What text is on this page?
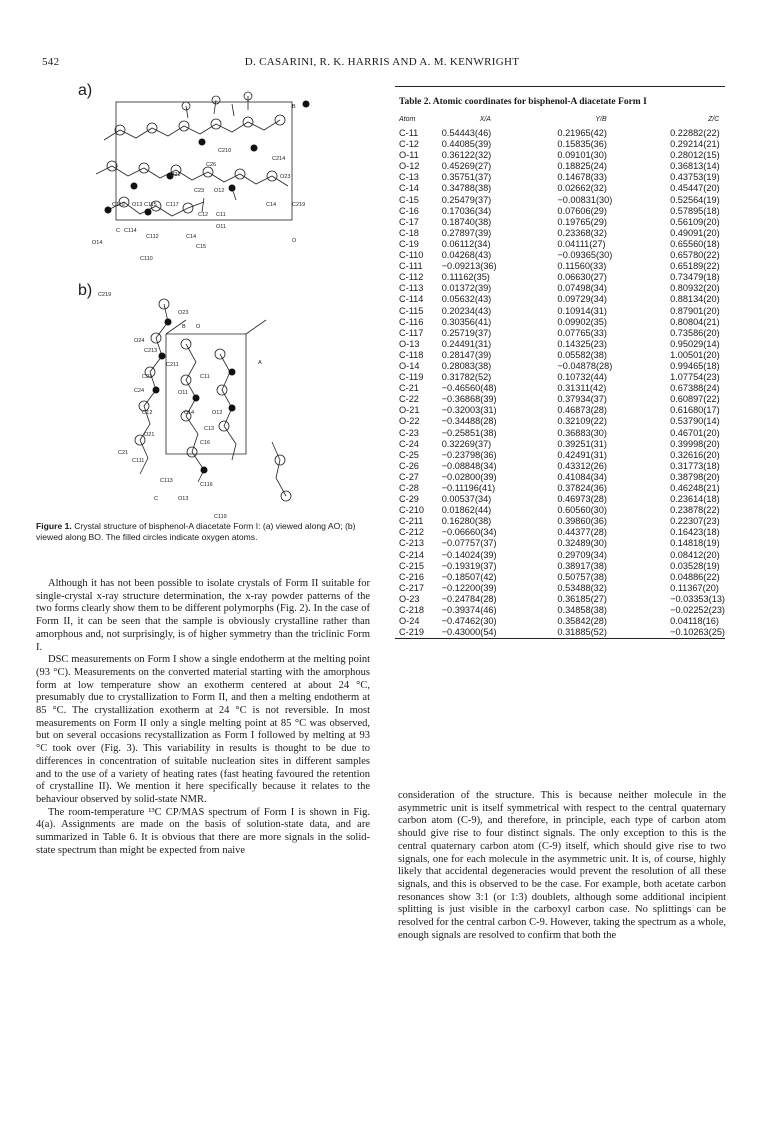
542	D. CASARINI, R. K. HARRIS AND A. M. KENWRIGHT
B
C210
C214
C26
O21	O23
C23 O12
C119 O13 C115 C117	C14	C219
C12 C11
C114
C112
O11
C14
C15
O14
C110
O
C
C219
O23
B O
O24
C213
A
C211
C23	C11
C24	O11
O12	C14	O12
C13
O21
C16
C21
C111
C113
C116
C	O13
C119
a)
b)
Figure 1. Crystal structure of bisphenol-A diacetate Form I: (a) viewed along AO; (b) viewed along BO. The filled circles indicate oxygen atoms.
Table 2. Atomic coordinates for bisphenol-A diacetate Form I
Atom	X/A	Y/B	Z/C
C-11	0.54443(46)	0.21965(42)	0.22882(22)
C-12	0.44085(39)	0.15835(36)	0.29214(21)
O-11	0.36122(32)	0.09101(30)	0.28012(15)
O-12	0.45269(27)	0.18825(24)	0.36813(14)
C-13	0.35751(37)	0.14678(33)	0.43753(19)
C-14	0.34788(38)	0.02662(32)	0.45447(20)
C-15	0.25479(37)	−0.00831(30)	0.52564(19)
C-16	0.17036(34)	0.07606(29)	0.57895(18)
C-17	0.18740(38)	0.19765(29)	0.56109(20)
C-18	0.27897(39)	0.23368(32)	0.49091(20)
C-19	0.06112(34)	0.04111(27)	0.65560(18)
C-110	0.04268(43)	−0.09365(30)	0.65780(22)
C-111	−0.09213(36)	0.11560(33)	0.65189(22)
C-112	0.11162(35)	0.06630(27)	0.73479(18)
C-113	0.01372(39)	0.07498(34)	0.80932(20)
C-114	0.05632(43)	0.09729(34)	0.88134(20)
C-115	0.20234(43)	0.10914(31)	0.87901(20)
C-116	0.30356(41)	0.09902(35)	0.80804(21)
C-117	0.25719(37)	0.07765(33)	0.73586(20)
O-13	0.24491(31)	0.14325(23)	0.95029(14)
C-118	0.28147(39)	0.05582(38)	1.00501(20)
O-14	0.28083(38)	−0.04878(28)	0.99465(18)
C-119	0.31782(52)	0.10732(44)	1.07754(23)
C-21	−0.46560(48)	0.31311(42)	0.67388(24)
C-22	−0.36868(39)	0.37934(37)	0.60897(22)
O-21	−0.32003(31)	0.46873(28)	0.61680(17)
O-22	−0.34488(28)	0.32109(22)	0.53790(14)
C-23	−0.25851(38)	0.36883(30)	0.46701(20)
C-24	0.32269(37)	0.39251(31)	0.39998(20)
C-25	−0.23798(36)	0.42491(31)	0.32616(20)
C-26	−0.08848(34)	0.43312(26)	0.31773(18)
C-27	−0.02800(39)	0.41084(34)	0.38798(20)
C-28	−0.11196(41)	0.37824(36)	0.46248(21)
C-29	0.00537(34)	0.46973(28)	0.23614(18)
C-210	0.01862(44)	0.60560(30)	0.23878(22)
C-211	0.16280(38)	0.39860(36)	0.22307(23)
C-212	−0.06660(34)	0.44377(28)	0.16423(18)
C-213	−0.07757(37)	0.32489(30)	0.14818(19)
C-214	−0.14024(39)	0.29709(34)	0.08412(20)
C-215	−0.19319(37)	0.38917(38)	0.03528(19)
C-216	−0.18507(42)	0.50757(38)	0.04886(22)
C-217	−0.12200(39)	0.53488(32)	0.11367(20)
O-23	−0.24784(28)	0.36185(27)	−0.03353(13)
C-218	−0.39374(46)	0.34858(38)	−0.02252(23)
O-24	−0.47462(30)	0.35842(28)	0.04118(16)
C-219	−0.43000(54)	0.31885(52)	−0.10263(25)

Although it has not been possible to isolate crystals of Form II suitable for single-crystal x-ray structure determination, the x-ray powder patterns of the two forms clearly show them to be different polymorphs (Fig. 2). In the case of Form II, it can be seen that the sample is obviously crystalline rather than amorphous and, not surprisingly, is of higher symmetry than the triclinic Form I.

DSC measurements on Form I show a single endotherm at the melting point (93 °C). Measurements on the converted material starting with the amorphous form at low temperature show an exotherm centered at about 24 °C, presumably due to crystallization to Form II, and then a melting endotherm at 85 °C. The crystallization exotherm at 24 °C is not reversible. In most measurements on Form II only a single melting point at 85 °C was observed, but on several occasions recystallization as Form I followed by melting at 93 °C took over (Fig. 3). This variability in results is thought to be due to differences in concentration of suitable nucleation sites in different samples and to the use of a variety of heating rates (fast heating favoured the retention of crystalline II). We mention it here specifically because it relates to the behaviour observed by solid-state NMR.

The room-temperature ¹³C CP/MAS spectrum of Form I is shown in Fig. 4(a). Assignments are made on the basis of solution-state data, and are summarized in Table 6. It is obvious that there are more signals in the solid-state spectrum than might be expected from naive

consideration of the structure. This is because neither molecule in the asymmetric unit is itself symmetrical with respect to the central quaternary carbon atom (C-9), and therefore, in principle, each type of carbon atom should give rise to four distinct signals. The only exception to this is the central quaternary carbon atom (C-9) itself, which should give rise to two signals, one for each molecule in the asymmetric unit. It is, of course, highly likely that accidental degeneracies would prevent the resolution of all these signals, and this is observed to be the case. For example, both acetate carbon resonances show 3:1 (or 1:3) doublets, although some additional incipient splitting is just visible in the carboxyl carbon case. No splittings can be resolved for the central carbon C-9. However, taking the spectrum as a whole, enough signals are resolved to confirm that both the
